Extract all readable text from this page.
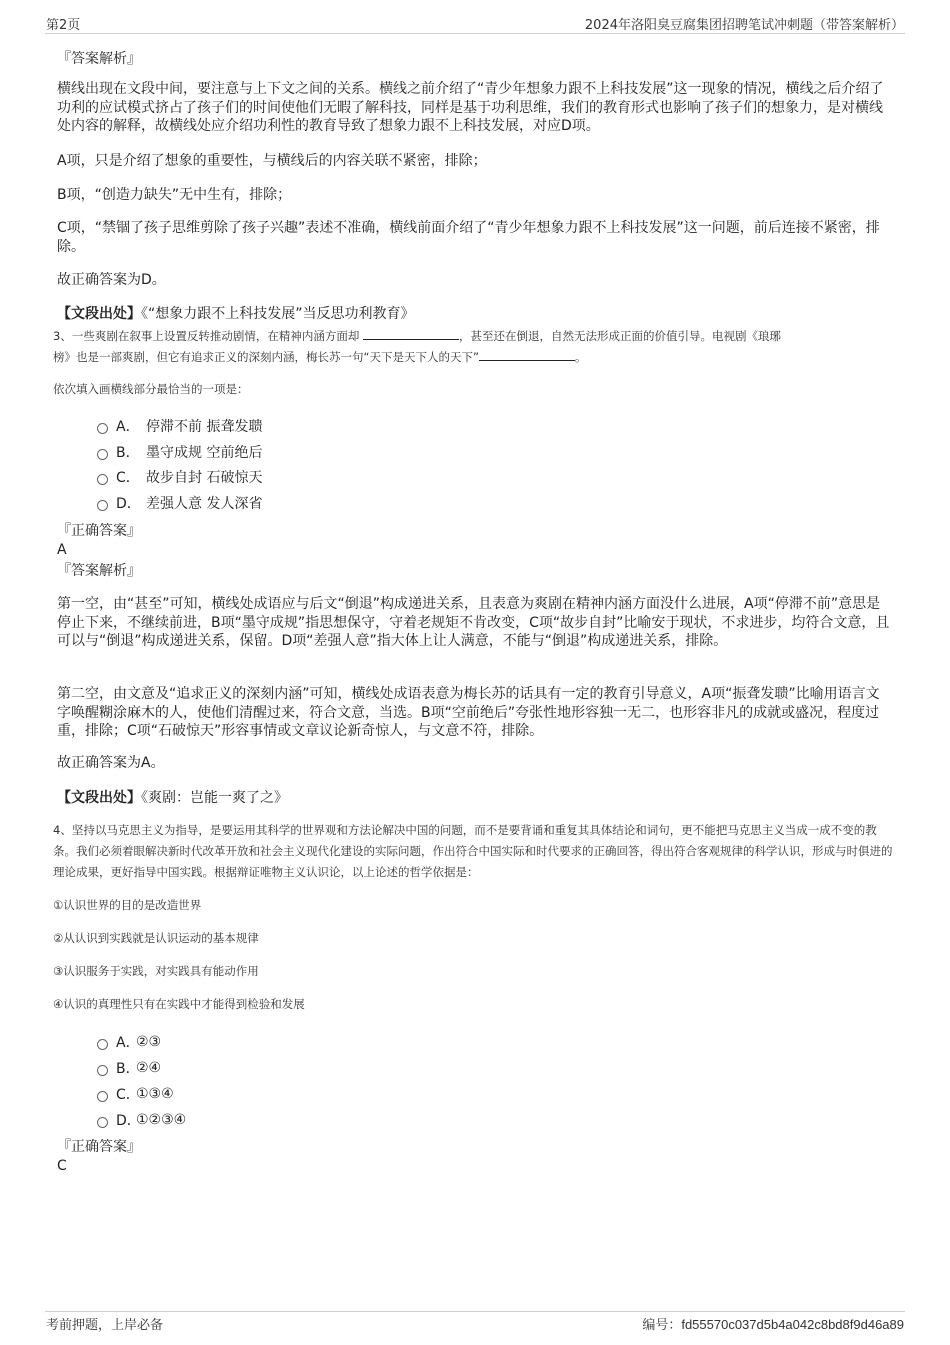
第2页	2024年洛阳臭豆腐集团招聘笔试冲刺题（带答案解析）
『答案解析』
横线出现在文段中间，要注意与上下文之间的关系。横线之前介绍了“青少年想象力跟不上科技发展”这一现象的情况，横线之后介绍了功利的应试模式挤占了孩子们的时间使他们无暇了解科技，同样是基于功利思维，我们的教育形式也影响了孩子们的想象力，是对横线处内容的解释，故横线处应介绍功利性的教育导致了想象力跟不上科技发展，对应D项。
A项，只是介绍了想象的重要性，与横线后的内容关联不紧密，排除；
B项，“创造力缺失”无中生有，排除；
C项，“禁锢了孩子思维剪除了孩子兴趣”表述不准确，横线前面介绍了“青少年想象力跟不上科技发展”这一问题，前后连接不紧密，排除。
故正确答案为D。
【文段出处】《“想象力跟不上科技发展”当反思功利教育》
3、一些爽剧在叙事上设置反转推动剧情，在精神内涵方面却	，甚至还在倒退，自然无法形成正面的价值引导。电视剧《琅琊
榜》也是一部爽剧，但它有追求正义的深刻内涵，梅长苏一句“天下是天下人的天下”	。
依次填入画横线部分最恰当的一项是：
A． 停滞不前 振聋发聩
B． 墨守成规 空前绝后
C． 故步自封 石破惊天
D． 差强人意 发人深省
『正确答案』
A
『答案解析』
第一空，由“甚至”可知，横线处成语应与后文“倒退”构成递进关系，且表意为爽剧在精神内涵方面没什么进展，A项“停滞不前”意思是停止下来，不继续前进，B项“墨守成规”指思想保守，守着老规矩不肯改变，C项“故步自封”比喻安于现状，不求进步，均符合文意，且可以与“倒退”构成递进关系，保留。D项“差强人意”指大体上让人满意，不能与“倒退”构成递进关系，排除。
第二空，由文意及“追求正义的深刻内涵”可知，横线处成语表意为梅长苏的话具有一定的教育引导意义，A项“振聋发聩”比喻用语言文字唤醒糊涂麻木的人，使他们清醒过来，符合文意，当选。B项“空前绝后”夸张性地形容独一无二，也形容非凡的成就或盛况，程度过重，排除；C项“石破惊天”形容事情或文章议论新奇惊人，与文意不符，排除。
故正确答案为A。
【文段出处】《爽剧：岂能一爽了之》
4、坚持以马克思主义为指导，是要运用其科学的世界观和方法论解决中国的问题，而不是要背诵和重复其具体结论和词句，更不能把马克思主义当成一成不变的教条。我们必须着眼解决新时代改革开放和社会主义现代化建设的实际问题，作出符合中国实际和时代要求的正确回答，得出符合客观规律的科学认识，形成与时俱进的理论成果，更好指导中国实践。根据辩证唯物主义认识论，以上论述的哲学依据是：
①认识世界的目的是改造世界
②从认识到实践就是认识运动的基本规律
③认识服务于实践，对实践具有能动作用
④认识的真理性只有在实践中才能得到检验和发展
A．
②③
B．
②④
C．
①③④
D．
①②③④
『正确答案』
C
考前押题，上岸必备	编号：fd55570c037d5b4a042c8bd8f9d46a89
